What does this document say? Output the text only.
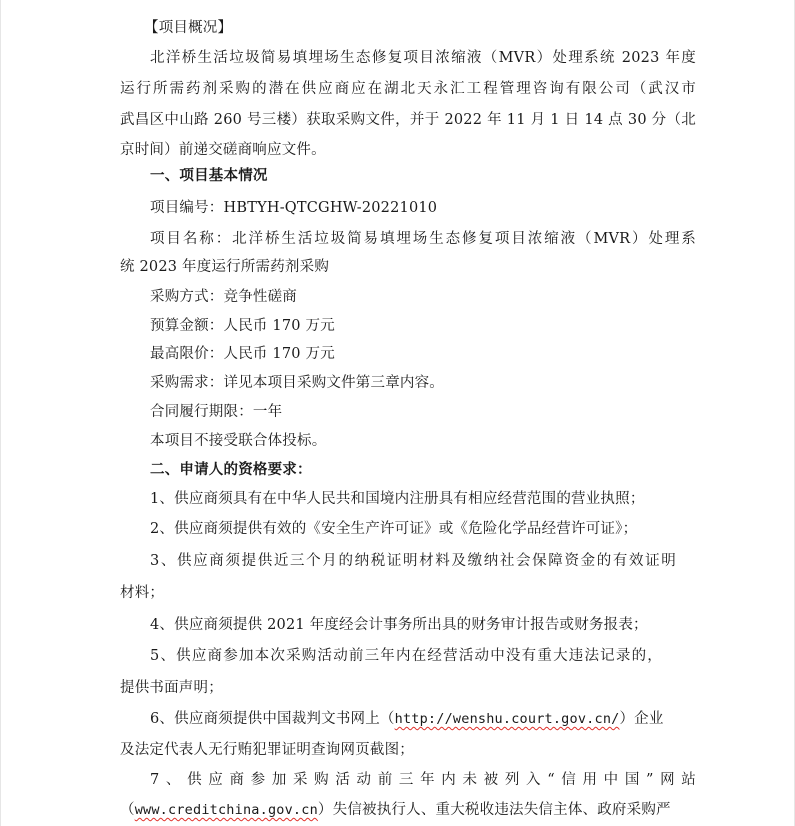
【项目概况】
北洋桥生活垃圾简易填埋场生态修复项目浓缩液（MVR）处理系统 2023 年度
运行所需药剂采购的潜在供应商应在湖北天永汇工程管理咨询有限公司（武汉市
武昌区中山路 260 号三楼）获取采购文件，并于 2022 年 11 月 1 日 14 点 30 分（北
京时间）前递交磋商响应文件。
一、项目基本情况
项目编号：HBTYH-QTCGHW-20221010
项目名称：北洋桥生活垃圾简易填埋场生态修复项目浓缩液（MVR）处理系
统 2023 年度运行所需药剂采购
采购方式：竞争性磋商
预算金额：人民币 170 万元
最高限价：人民币 170 万元
采购需求：详见本项目采购文件第三章内容。
合同履行期限：一年
本项目不接受联合体投标。
二、申请人的资格要求：
1、供应商须具有在中华人民共和国境内注册具有相应经营范围的营业执照；
2、供应商须提供有效的《安全生产许可证》或《危险化学品经营许可证》；
3、供应商须提供近三个月的纳税证明材料及缴纳社会保障资金的有效证明
材料；
4、供应商须提供 2021 年度经会计事务所出具的财务审计报告或财务报表；
5、供应商参加本次采购活动前三年内在经营活动中没有重大违法记录的，
提供书面声明；
6、供应商须提供中国裁判文书网上（http://wenshu.court.gov.cn/）企业
及法定代表人无行贿犯罪证明查询网页截图；
7、供应商参加采购活动前三年内未被列入“信用中国”网站
（www.creditchina.gov.cn）失信被执行人、重大税收违法失信主体、政府采购严
